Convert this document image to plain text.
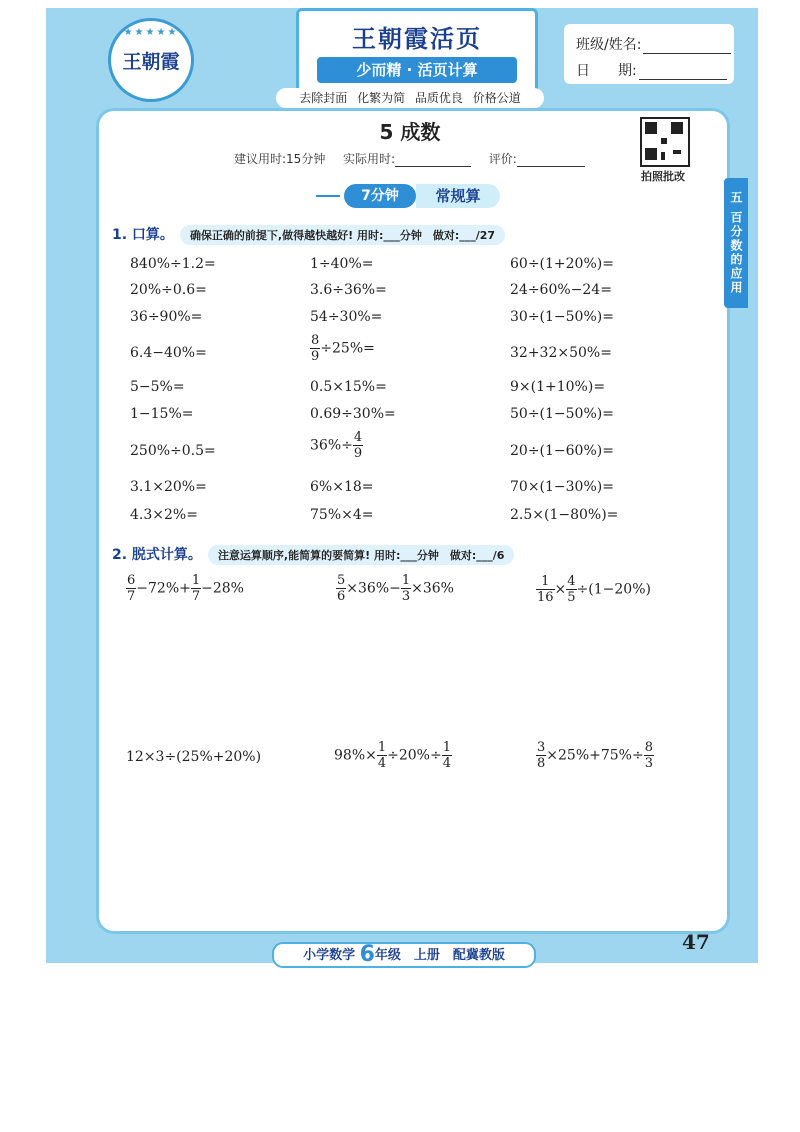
★★★★★
王朝霞
王朝霞活页
少而精 · 活页计算
班级/姓名:
日　　期:
去除封面 化繁为简 品质优良 价格公道
5 成数
建议用时:15分钟 实际用时:	评价:
拍照批改
五 百分数的应用
7分钟	常规算
1. 口算。 确保正确的前提下,做得越快越好! 用时:___分钟　做对:___/27
840%÷1.2=	1÷40%=	60÷(1+20%)=
20%÷0.6=	3.6÷36%=	24÷60%−24=
36÷90%=	54÷30%=	30÷(1−50%)=
6.4−40%=	$\frac{8}{9} \div 25\%=$	32+32×50%=
5−5%=	0.5×15%=	9×(1+10%)=
1−15%=	0.69÷30%=	50÷(1−50%)=
250%÷0.5=	$36\%\div \frac{4}{9}$	20÷(1−60%)=
3.1×20%=	6%×18=	70×(1−30%)=
4.3×2%=	75%×4=	2.5×(1−80%)=
2. 脱式计算。 注意运算顺序,能简算的要简算! 用时:___分钟　做对:___/6
$\frac{6}{7} -72\%+ \frac{1}{7} -28\%$	$\frac{5}{6} \times 36\%- \frac{1}{3} \times 36\%$	$\frac{1}{16} \times \frac{4}{5} \div(1-20\%)$
12×3÷(25%+20%)	$98\%\times \frac{1}{4} \div 20\%\div \frac{1}{4}$	$\frac{3}{8} \times 25\%+75\%\div \frac{8}{3}$
47
小学数学 6年级　上册　配冀教版
